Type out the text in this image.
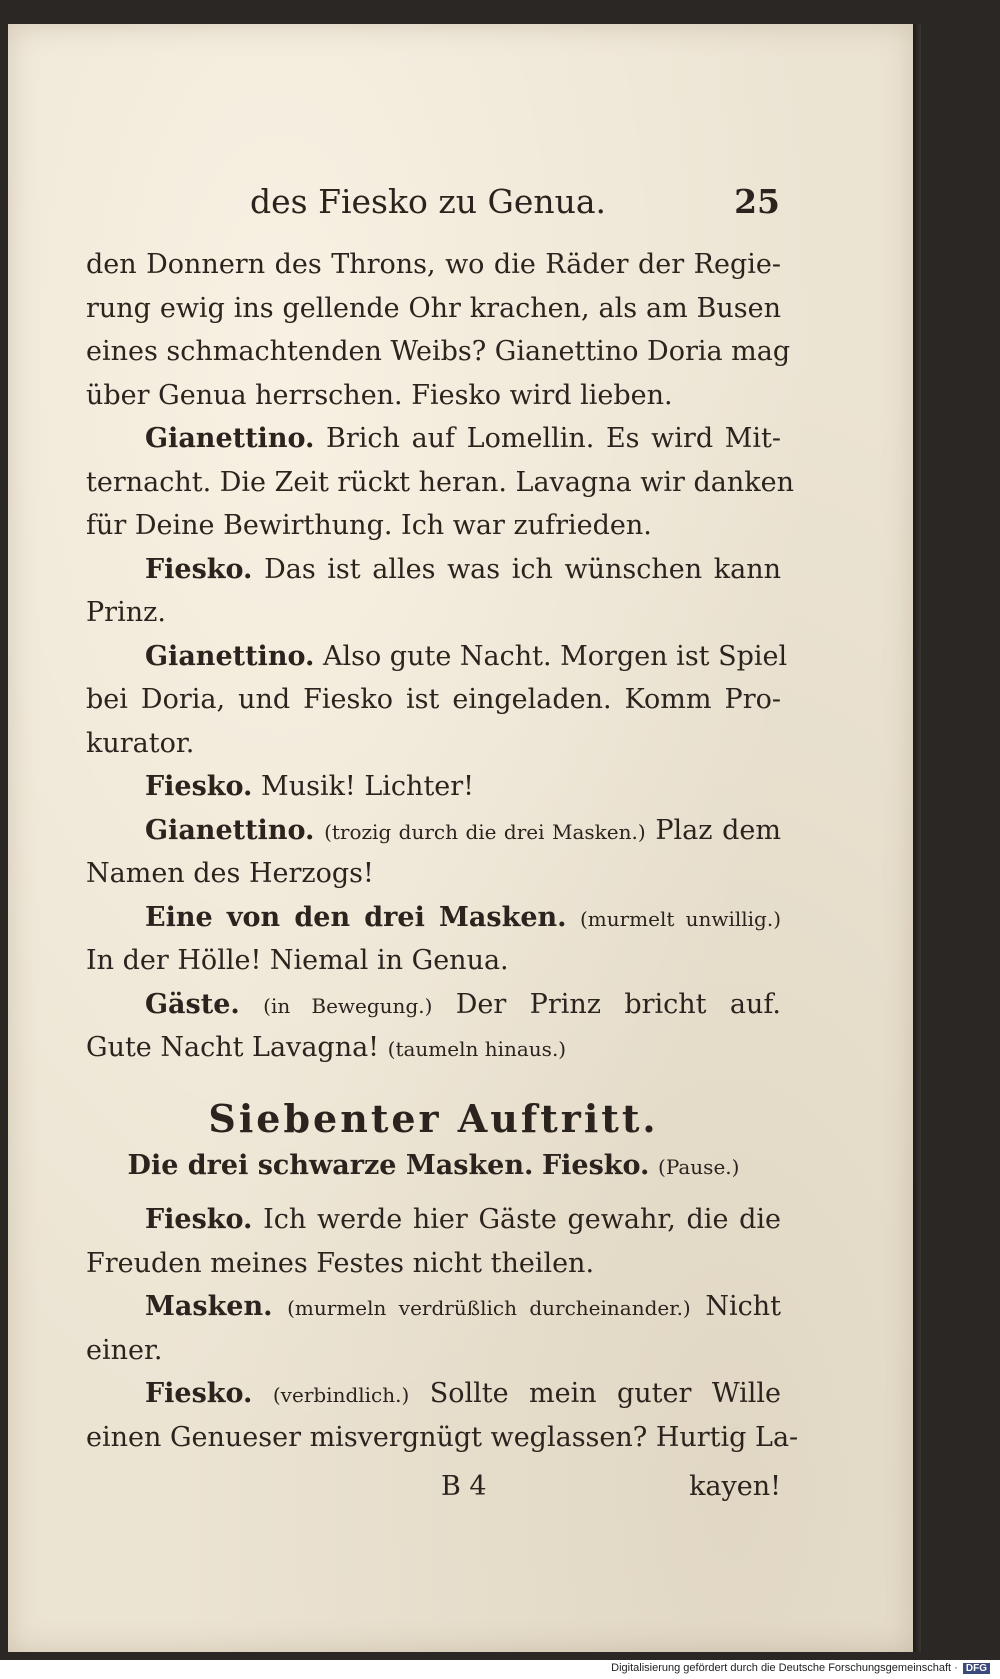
des Fiesko zu Genua.	25
den Donnern des Throns, wo die Räder der Regie-
rung ewig ins gellende Ohr krachen, als am Busen
eines schmachtenden Weibs? Gianettino Doria mag
über Genua herrschen. Fiesko wird lieben.
Gianettino. Brich auf Lomellin. Es wird Mit-
ternacht. Die Zeit rückt heran. Lavagna wir danken
für Deine Bewirthung. Ich war zufrieden.
Fiesko. Das ist alles was ich wünschen kann
Prinz.
Gianettino. Also gute Nacht. Morgen ist Spiel
bei Doria, und Fiesko ist eingeladen. Komm Pro-
kurator.
Fiesko. Musik! Lichter!
Gianettino. (trozig durch die drei Masken.) Plaz dem
Namen des Herzogs!
Eine von den drei Masken. (murmelt unwillig.)
In der Hölle! Niemal in Genua.
Gäste. (in Bewegung.) Der Prinz bricht auf.
Gute Nacht Lavagna! (taumeln hinaus.)
Siebenter Auftritt.
Die drei schwarze Masken. Fiesko. (Pause.)
Fiesko. Ich werde hier Gäste gewahr, die die
Freuden meines Festes nicht theilen.
Masken. (murmeln verdrüßlich durcheinander.) Nicht
einer.
Fiesko. (verbindlich.) Sollte mein guter Wille
einen Genueser misvergnügt weglassen? Hurtig La-
B 4	kayen!
Digitalisierung gefördert durch die Deutsche Forschungsgemeinschaft · DFG
